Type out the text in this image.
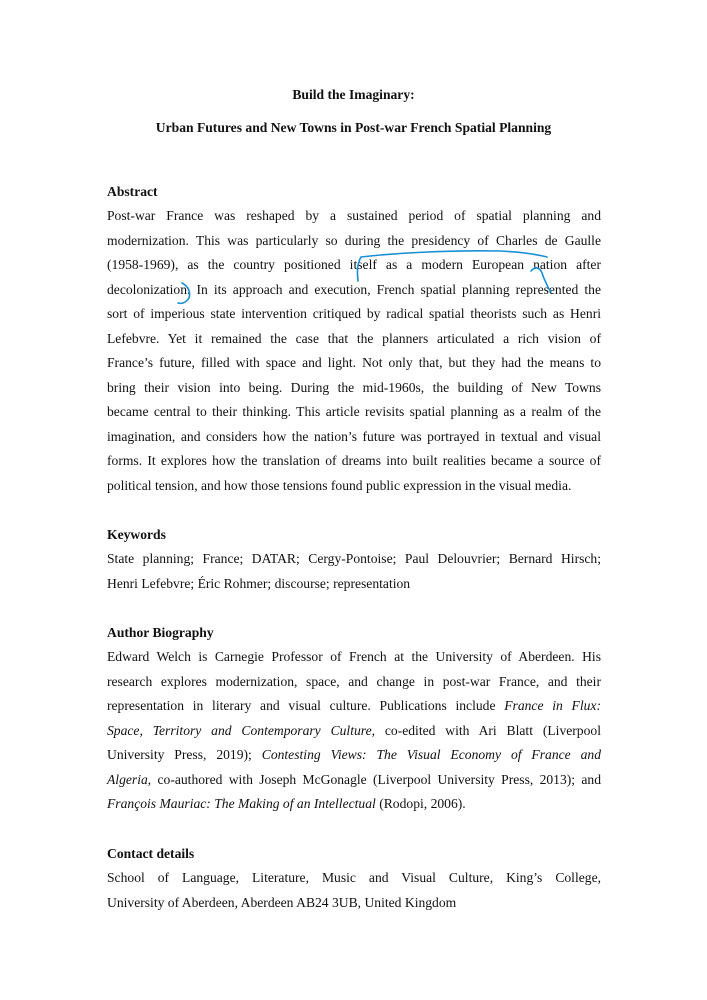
Build the Imaginary:

Urban Futures and New Towns in Post-war French Spatial Planning

Abstract

Post-war France was reshaped by a sustained period of spatial planning and

modernization. This was particularly so during the presidency of Charles de Gaulle

(1958-1969), as the country positioned itself as a modern European nation after

decolonization. In its approach and execution, French spatial planning represented the

sort of imperious state intervention critiqued by radical spatial theorists such as Henri

Lefebvre. Yet it remained the case that the planners articulated a rich vision of

France’s future, filled with space and light. Not only that, but they had the means to

bring their vision into being. During the mid-1960s, the building of New Towns

became central to their thinking. This article revisits spatial planning as a realm of the

imagination, and considers how the nation’s future was portrayed in textual and visual

forms. It explores how the translation of dreams into built realities became a source of

political tension, and how those tensions found public expression in the visual media.

Keywords

State planning; France; DATAR; Cergy-Pontoise; Paul Delouvrier; Bernard Hirsch;

Henri Lefebvre; Éric Rohmer; discourse; representation

Author Biography

Edward Welch is Carnegie Professor of French at the University of Aberdeen. His

research explores modernization, space, and change in post-war France, and their

representation in literary and visual culture. Publications include France in Flux:

Space, Territory and Contemporary Culture, co-edited with Ari Blatt (Liverpool

University Press, 2019); Contesting Views: The Visual Economy of France and

Algeria, co-authored with Joseph McGonagle (Liverpool University Press, 2013); and

François Mauriac: The Making of an Intellectual (Rodopi, 2006).

Contact details

School of Language, Literature, Music and Visual Culture, King’s College,

University of Aberdeen, Aberdeen AB24 3UB, United Kingdom
